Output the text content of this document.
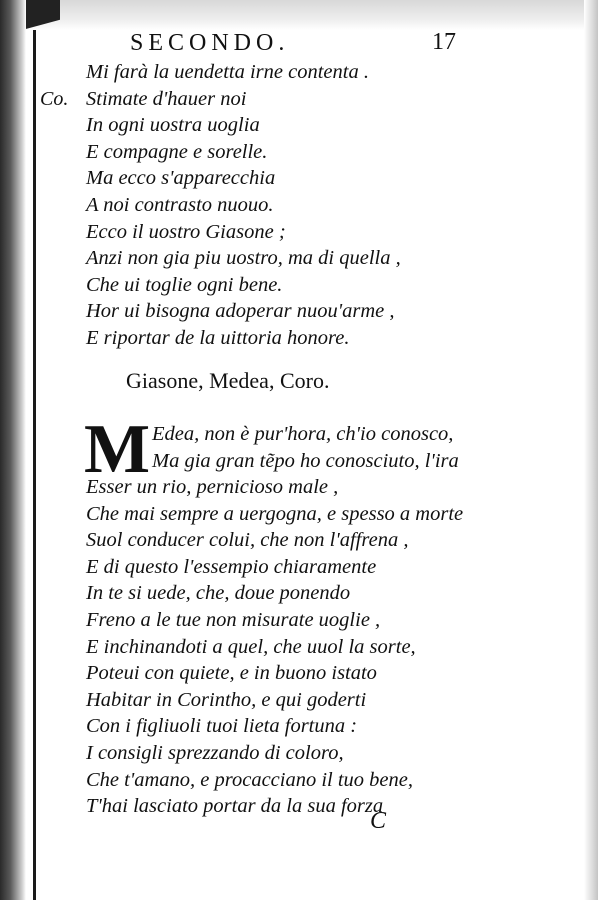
SECONDO.	17
Co.
Mi farà la uendetta irne contenta .
Stimate d'hauer noi
In ogni uostra uoglia
E compagne e sorelle.
Ma ecco s'apparecchia
A noi contrasto nuouo.
Ecco il uostro Giasone ;
Anzi non gia piu uostro, ma di quella ,
Che ui toglie ogni bene.
Hor ui bisogna adoperar nuou'arme ,
E riportar de la uittoria honore.
Giasone, Medea, Coro.
M Edea, non è pur'hora, ch'io conosco,
Ma gia gran tẽpo ho conosciuto, l'ira
Esser un rio, pernicioso male ,
Che mai sempre a uergogna, e spesso a morte
Suol conducer colui, che non l'affrena ,
E di questo l'essempio chiaramente
In te si uede, che, doue ponendo
Freno a le tue non misurate uoglie ,
E inchinandoti a quel, che uuol la sorte,
Poteui con quiete, e in buono istato
Habitar in Corintho, e qui goderti
Con i figliuoli tuoi lieta fortuna :
I consigli sprezzando di coloro,
Che t'amano, e procacciano il tuo bene,
T'hai lasciato portar da la sua forza
C
